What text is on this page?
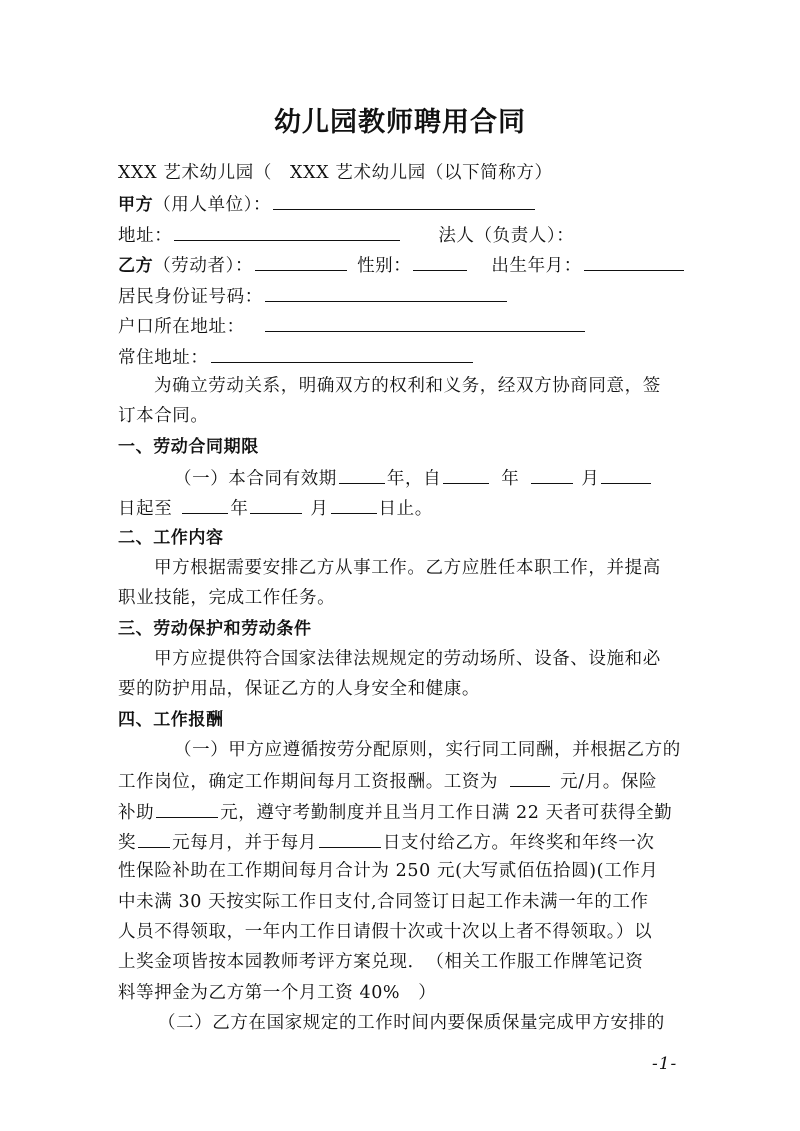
幼儿园教师聘用合同
XXX 艺术幼儿园（　XXX 艺术幼儿园（以下简称方）
甲方（用人单位）：
地址：	法人（负责人）：
乙方（劳动者）：	性别：	出生年月：
居民身份证号码：
户口所在地址：
常住地址：
为确立劳动关系，明确双方的权利和义务，经双方协商同意，签
订本合同。
一、劳动合同期限
（一）本合同有效期	年，自	年	月
日起至	年	月	日止。
二、工作内容
甲方根据需要安排乙方从事工作。乙方应胜任本职工作，并提高
职业技能，完成工作任务。
三、劳动保护和劳动条件
甲方应提供符合国家法律法规规定的劳动场所、设备、设施和必
要的防护用品，保证乙方的人身安全和健康。
四、工作报酬
（一）甲方应遵循按劳分配原则，实行同工同酬，并根据乙方的
工作岗位，确定工作期间每月工资报酬。工资为	元/月。保险
补助	元，遵守考勤制度并且当月工作日满 22 天者可获得全勤
奖 元每月，并于每月	日支付给乙方。年终奖和年终一次
性保险补助在工作期间每月合计为 250 元(大写贰佰伍拾圆)(工作月
中未满 30 天按实际工作日支付,合同签订日起工作未满一年的工作
人员不得领取，一年内工作日请假十次或十次以上者不得领取。）以
上奖金项皆按本园教师考评方案兑现．　（相关工作服工作牌笔记资
料等押金为乙方第一个月工资 40%　）
（二）乙方在国家规定的工作时间内要保质保量完成甲方安排的
-1-
